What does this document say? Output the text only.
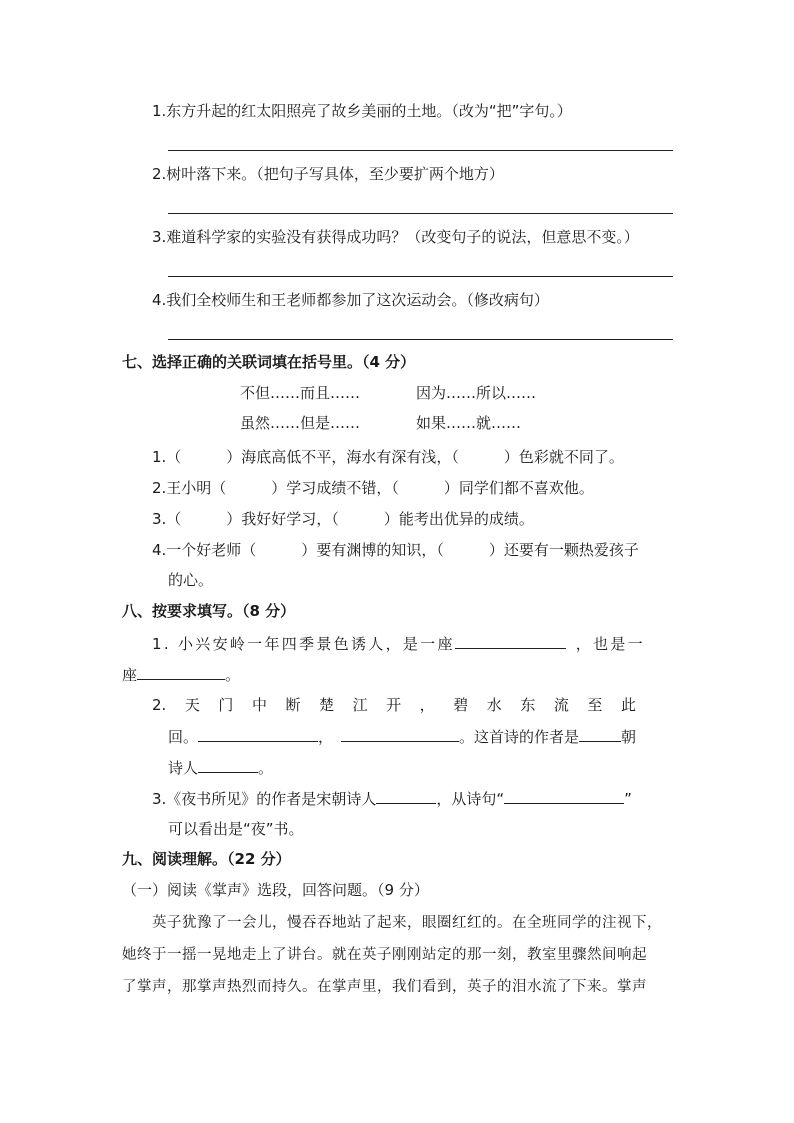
1.东方升起的红太阳照亮了故乡美丽的土地。（改为“把”字句。）
2.树叶落下来。（把句子写具体，至少要扩两个地方）
3.难道科学家的实验没有获得成功吗？（改变句子的说法，但意思不变。）
4.我们全校师生和王老师都参加了这次运动会。（修改病句）
七、选择正确的关联词填在括号里。（4 分）
不但……而且……	因为……所以……
虽然……但是……	如果……就……
1.（　　　）海底高低不平，海水有深有浅，（　　　）色彩就不同了。
2.王小明（　　　）学习成绩不错，（　　　）同学们都不喜欢他。
3.（　　　）我好好学习，（　　　）能考出优异的成绩。
4.一个好老师（　　　）要有渊博的知识，（　　　）还要有一颗热爱孩子
的心。
八、按要求填写。（8 分）
1. 小兴安岭一年四季景色诱人，是一座	，也是一
座	。
2. 天 门 中 断 楚 江 开 ， 碧 水 东 流 至 此
回。	，	。这首诗的作者是	朝
诗人	。
3.《夜书所见》的作者是宋朝诗人	，从诗句“	”
可以看出是“夜”书。
九、阅读理解。（22 分）
（一）阅读《掌声》选段，回答问题。（9 分）
英子犹豫了一会儿，慢吞吞地站了起来，眼圈红红的。在全班同学的注视下，
她终于一摇一晃地走上了讲台。就在英子刚刚站定的那一刻，教室里骤然间响起
了掌声，那掌声热烈而持久。在掌声里，我们看到，英子的泪水流了下来。掌声
